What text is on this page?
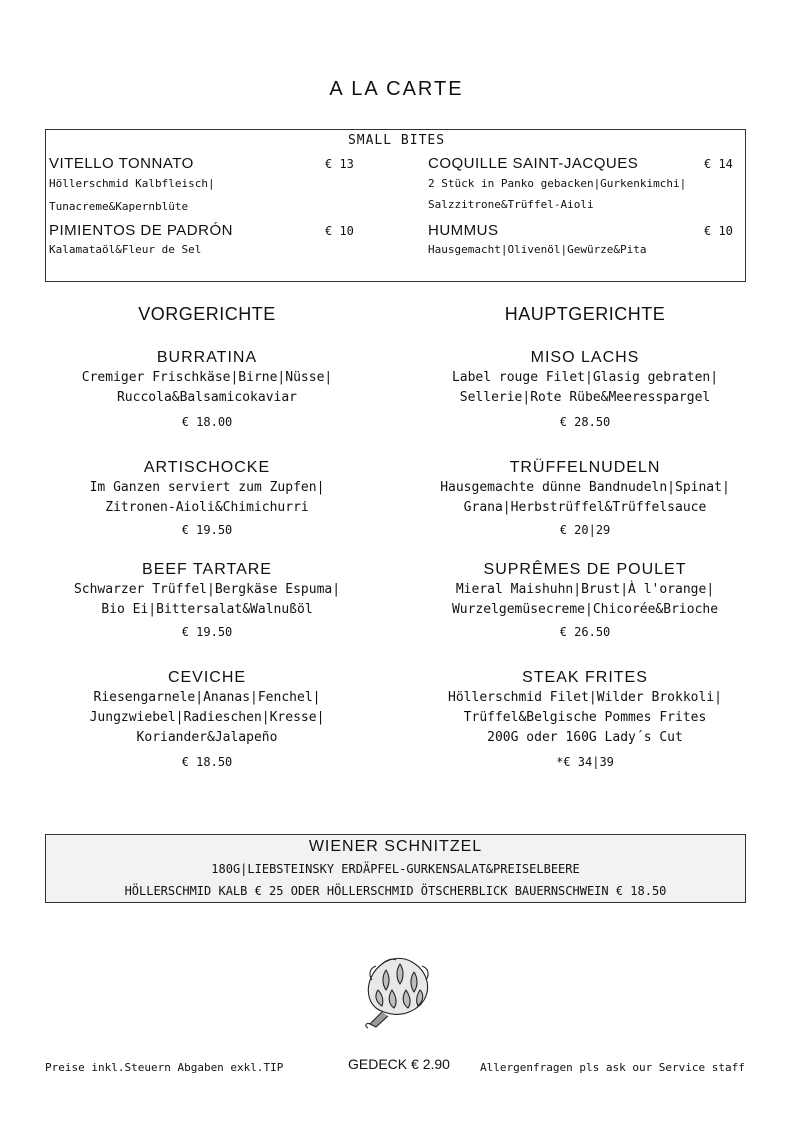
A LA CARTE
SMALL BITES
VITELLO TONNATO	€ 13
Höllerschmid Kalbfleisch|
Tunacreme&Kapernblüte
COQUILLE SAINT-JACQUES	€ 14
2 Stück in Panko gebacken|Gurkenkimchi|
Salzzitrone&Trüffel-Aioli
PIMIENTOS DE PADRÓN	€ 10
Kalamataöl&Fleur de Sel
HUMMUS	€ 10
Hausgemacht|Olivenöl|Gewürze&Pita
VORGERICHTE	HAUPTGERICHTE
BURRATINA
Cremiger Frischkäse|Birne|Nüsse|
Ruccola&Balsamicokaviar
€ 18.00
ARTISCHOCKE
Im Ganzen serviert zum Zupfen|
Zitronen-Aioli&Chimichurri
€ 19.50
BEEF TARTARE
Schwarzer Trüffel|Bergkäse Espuma|
Bio Ei|Bittersalat&Walnußöl
€ 19.50
CEVICHE
Riesengarnele|Ananas|Fenchel|
Jungzwiebel|Radieschen|Kresse|
Koriander&Jalapeño
€ 18.50
MISO LACHS
Label rouge Filet|Glasig gebraten|
Sellerie|Rote Rübe&Meeresspargel
€ 28.50
TRÜFFELNUDELN
Hausgemachte dünne Bandnudeln|Spinat|
Grana|Herbstrüffel&Trüffelsauce
€ 20|29
SUPRÊMES DE POULET
Mieral Maishuhn|Brust|À l'orange|
Wurzelgemüsecreme|Chicorée&Brioche
€ 26.50
STEAK FRITES
Höllerschmid Filet|Wilder Brokkoli|
Trüffel&Belgische Pommes Frites
200G oder 160G Lady´s Cut
*€ 34|39
WIENER SCHNITZEL
180G|LIEBSTEINSKY ERDÄPFEL-GURKENSALAT&PREISELBEERE
HÖLLERSCHMID KALB € 25 ODER HÖLLERSCHMID ÖTSCHERBLICK BAUERNSCHWEIN € 18.50
Preise inkl.Steuern Abgaben exkl.TIP	GEDECK € 2.90	Allergenfragen pls ask our Service staff
